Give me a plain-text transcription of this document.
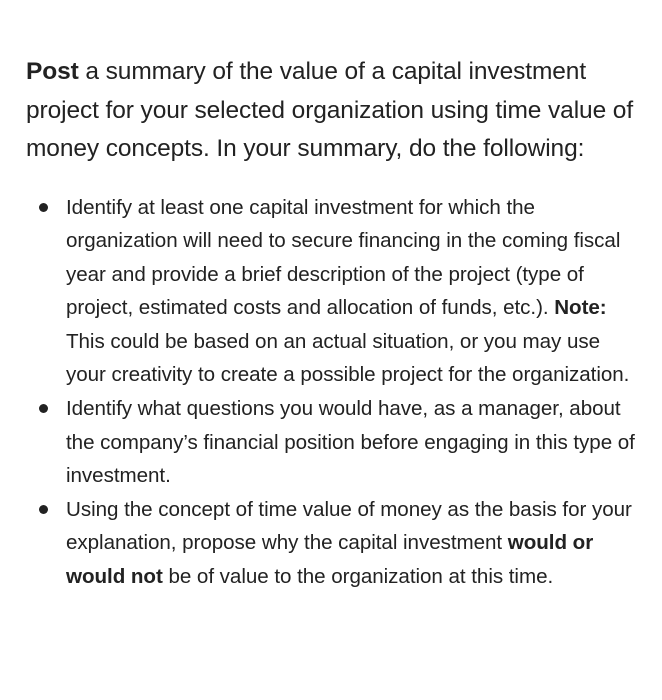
Post a summary of the value of a capital investment project for your selected organization using time value of money concepts. In your summary, do the following:

Identify at least one capital investment for which the organization will need to secure financing in the coming fiscal year and provide a brief description of the project (type of project, estimated costs and allocation of funds, etc.). Note: This could be based on an actual situation, or you may use your creativity to create a possible project for the organization.
Identify what questions you would have, as a manager, about the company’s financial position before engaging in this type of investment.
Using the concept of time value of money as the basis for your explanation, propose why the capital investment would or would not be of value to the organization at this time.
